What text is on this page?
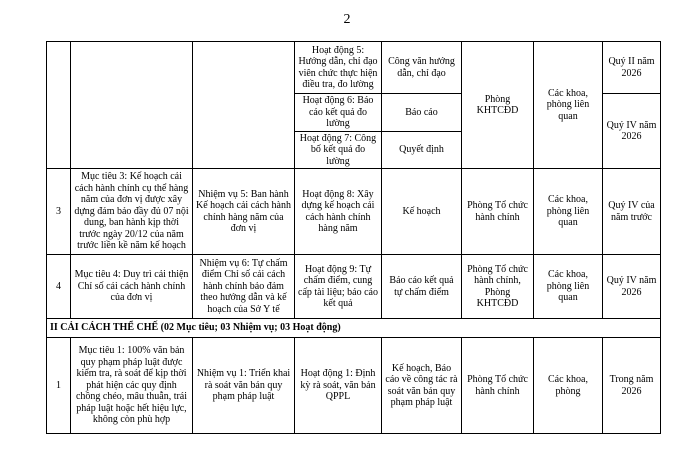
2
			Hoạt động 5: Hướng dẫn, chỉ đạo viên chức thực hiện điều tra, đo lường	Công văn hướng dẫn, chỉ đạo	Phòng KHTCĐD	Các khoa, phòng liên quan	Quý II năm 2026
			Hoạt động 6: Báo cáo kết quả đo lường	Báo cáo			Quý IV năm 2026
			Hoạt động 7: Công bố kết quả đo lường	Quyết định			
3	Mục tiêu 3: Kế hoạch cải cách hành chính cụ thể hàng năm của đơn vị được xây dựng đảm bảo đầy đủ 07 nội dung, ban hành kịp thời trước ngày 20/12 của năm trước liền kề năm kế hoạch	Nhiệm vụ 5: Ban hành Kế hoạch cải cách hành chính hàng năm của đơn vị	Hoạt động 8: Xây dựng kế hoạch cải cách hành chính hàng năm	Kế hoạch	Phòng Tổ chức hành chính	Các khoa, phòng liên quan	Quý IV của năm trước
4	Mục tiêu 4: Duy trì cải thiện Chỉ số cải cách hành chính của đơn vị	Nhiệm vụ 6: Tự chấm điểm Chỉ số cải cách hành chính bảo đảm theo hướng dẫn và kế hoạch của Sở Y tế	Hoạt động 9: Tự chấm điểm, cung cấp tài liệu; báo cáo kết quả	Báo cáo kết quả tự chấm điểm	Phòng Tổ chức hành chính, Phòng KHTCĐD	Các khoa, phòng liên quan	Quý IV năm 2026
II CẢI CÁCH THỂ CHẾ (02 Mục tiêu; 03 Nhiệm vụ; 03 Hoạt động)							
1	Mục tiêu 1: 100% văn bản quy phạm pháp luật được kiểm tra, rà soát để kịp thời phát hiện các quy định chồng chéo, mâu thuẫn, trái pháp luật hoặc hết hiệu lực, không còn phù hợp	Nhiệm vụ 1: Triển khai rà soát văn bản quy phạm pháp luật	Hoạt động 1: Định kỳ rà soát, văn bản QPPL	Kế hoạch, Báo cáo về công tác rà soát văn bản quy phạm pháp luật	Phòng Tổ chức hành chính	Các khoa, phòng	Trong năm 2026
